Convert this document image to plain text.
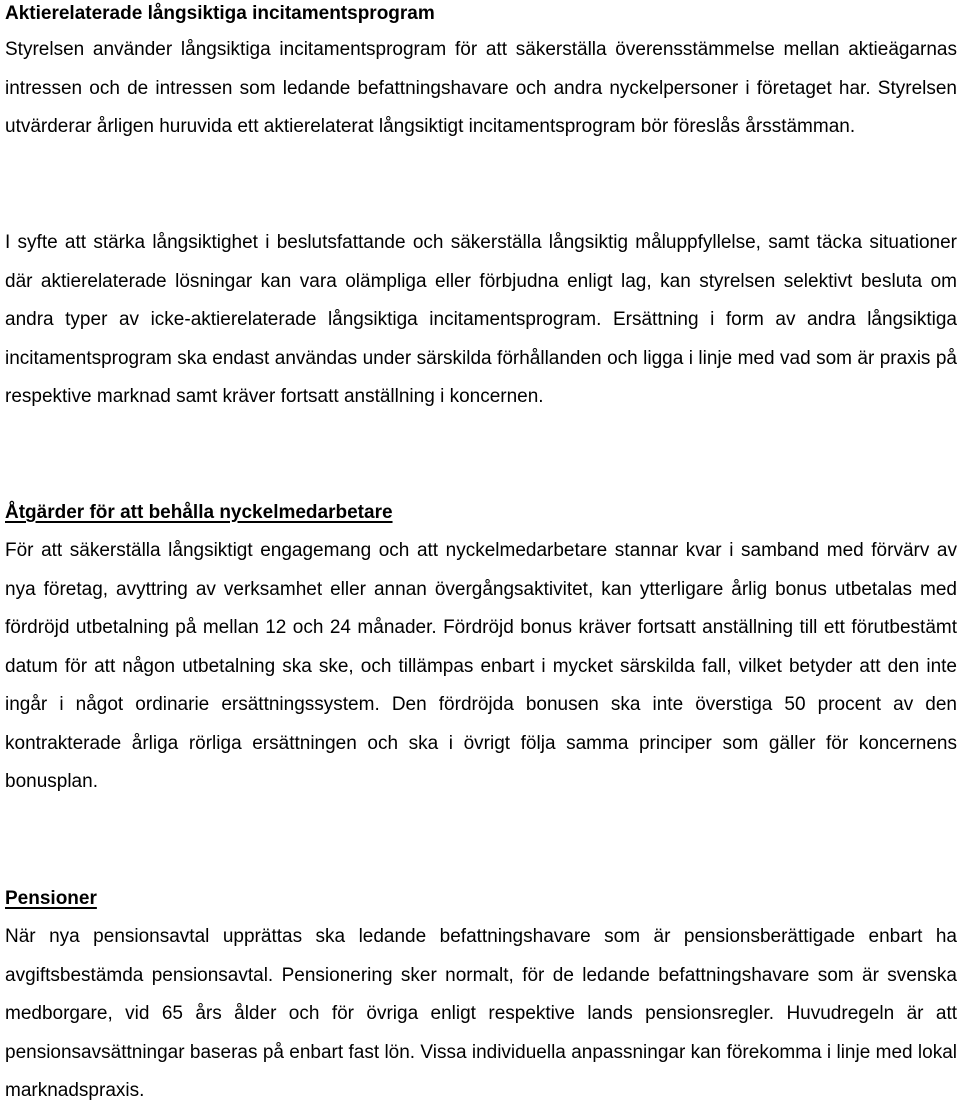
Aktierelaterade långsiktiga incitamentsprogram

Styrelsen använder långsiktiga incitamentsprogram för att säkerställa överensstämmelse mellan aktieägarnas intressen och de intressen som ledande befattningshavare och andra nyckelpersoner i företaget har. Styrelsen utvärderar årligen huruvida ett aktierelaterat långsiktigt incitamentsprogram bör föreslås årsstämman.

I syfte att stärka långsiktighet i beslutsfattande och säkerställa långsiktig måluppfyllelse, samt täcka situationer där aktierelaterade lösningar kan vara olämpliga eller förbjudna enligt lag, kan styrelsen selektivt besluta om andra typer av icke-aktierelaterade långsiktiga incitamentsprogram. Ersättning i form av andra långsiktiga incitamentsprogram ska endast användas under särskilda förhållanden och ligga i linje med vad som är praxis på respektive marknad samt kräver fortsatt anställning i koncernen.

Åtgärder för att behålla nyckelmedarbetare

För att säkerställa långsiktigt engagemang och att nyckelmedarbetare stannar kvar i samband med förvärv av nya företag, avyttring av verksamhet eller annan övergångsaktivitet, kan ytterligare årlig bonus utbetalas med fördröjd utbetalning på mellan 12 och 24 månader. Fördröjd bonus kräver fortsatt anställning till ett förutbestämt datum för att någon utbetalning ska ske, och tillämpas enbart i mycket särskilda fall, vilket betyder att den inte ingår i något ordinarie ersättningssystem. Den fördröjda bonusen ska inte överstiga 50 procent av den kontrakterade årliga rörliga ersättningen och ska i övrigt följa samma principer som gäller för koncernens bonusplan.

Pensioner

När nya pensionsavtal upprättas ska ledande befattningshavare som är pensionsberättigade enbart ha avgiftsbestämda pensionsavtal. Pensionering sker normalt, för de ledande befattningshavare som är svenska medborgare, vid 65 års ålder och för övriga enligt respektive lands pensionsregler. Huvudregeln är att pensionsavsättningar baseras på enbart fast lön. Vissa individuella anpassningar kan förekomma i linje med lokal marknadspraxis.
